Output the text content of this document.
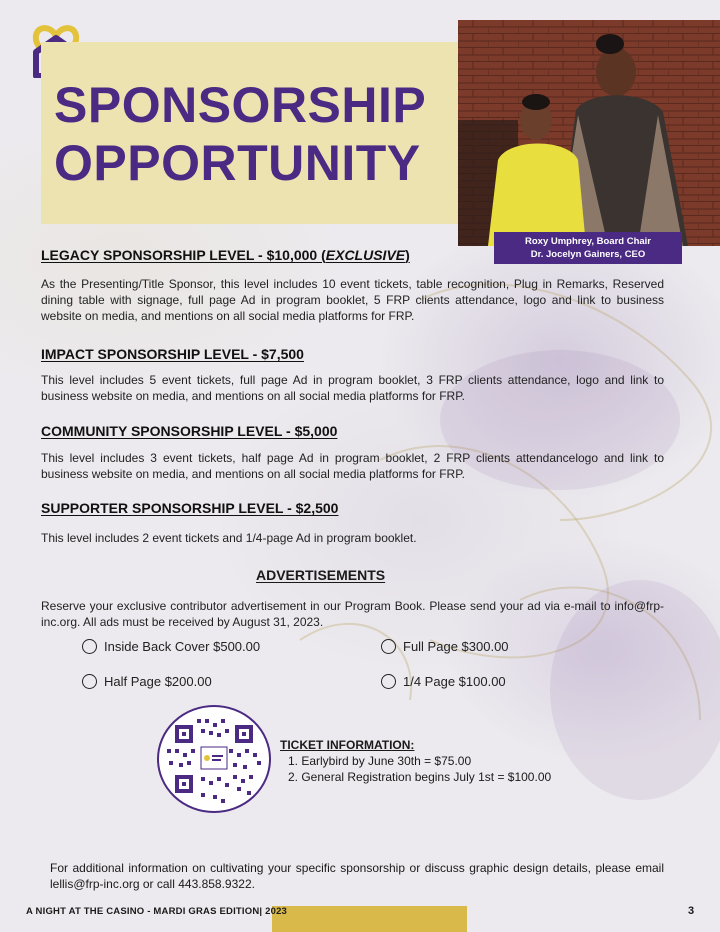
SPONSORSHIP
OPPORTUNITY
Roxy Umphrey, Board Chair
Dr. Jocelyn Gainers, CEO
LEGACY SPONSORSHIP LEVEL - $10,000 (EXCLUSIVE)

As the Presenting/Title Sponsor, this level includes 10 event tickets, table recognition, Plug in Remarks, Reserved dining table with signage, full page Ad in program booklet, 5 FRP clients attendance, logo and link to business website on media, and mentions on all social media platforms for FRP.

IMPACT SPONSORSHIP LEVEL - $7,500

This level includes 5 event tickets, full page Ad in program booklet, 3 FRP clients attendance, logo and link to business website on media, and mentions on all social media platforms for FRP.

COMMUNITY SPONSORSHIP LEVEL - $5,000

This level includes 3 event tickets, half page Ad in program booklet, 2 FRP clients attendancelogo and link to business website on media, and mentions on all social media platforms for FRP.

SUPPORTER SPONSORSHIP LEVEL - $2,500

This level includes 2 event tickets and 1/4-page Ad in program booklet.

ADVERTISEMENTS

Reserve your exclusive contributor advertisement in our Program Book. Please send your ad via e-mail to info@frp-inc.org. All ads must be received by August 31, 2023.

Inside Back Cover $500.00	Full Page $300.00
Half Page $200.00	1/4 Page $100.00
TICKET INFORMATION:
1. Earlybird by June 30th = $75.00
2. General Registration begins July 1st = $100.00

For additional information on cultivating your specific sponsorship or discuss graphic design details, please email lellis@frp-inc.org or call 443.858.9322.

A NIGHT AT THE CASINO - MARDI GRAS EDITION| 2023	3
